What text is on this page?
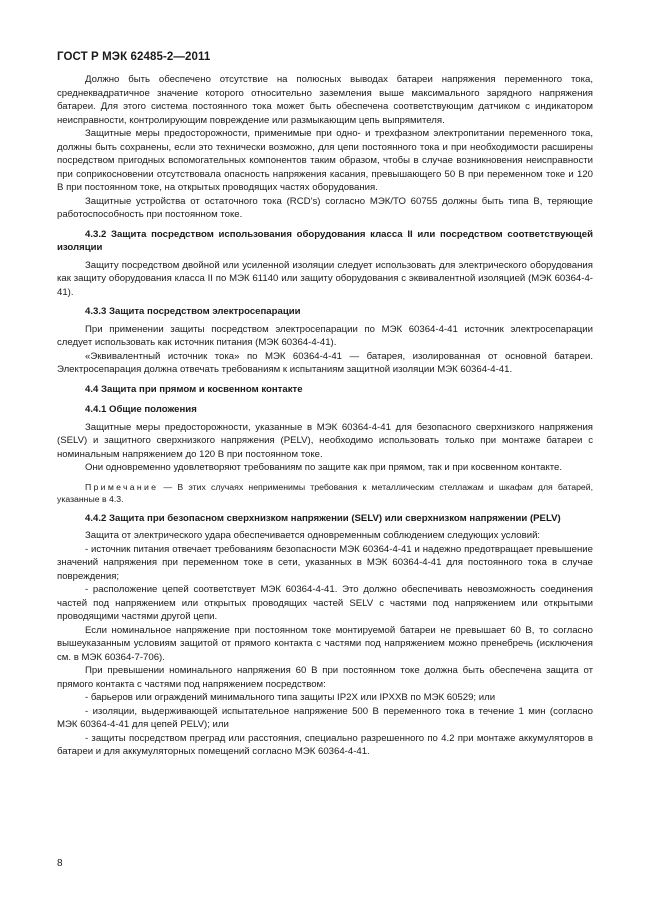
ГОСТ Р МЭК 62485-2—2011

Должно быть обеспечено отсутствие на полюсных выводах батареи напряжения переменного тока, среднеквадратичное значение которого относительно заземления выше максимального зарядного напряжения батареи. Для этого система постоянного тока может быть обеспечена соответствующим датчиком с индикатором неисправности, контролирующим повреждение или размыкающим цепь выпрямителя.

Защитные меры предосторожности, применимые при одно- и трехфазном электропитании переменного тока, должны быть сохранены, если это технически возможно, для цепи постоянного тока и при необходимости расширены посредством пригодных вспомогательных компонентов таким образом, чтобы в случае возникновения неисправности при соприкосновении отсутствовала опасность напряжения касания, превышающего 50 В при переменном токе и 120 В при постоянном токе, на открытых проводящих частях оборудования.

Защитные устройства от остаточного тока (RCD’s) согласно МЭК/ТО 60755 должны быть типа В, теряющие работоспособность при постоянном токе.

4.3.2 Защита посредством использования оборудования класса II или посредством соответствующей изоляции

Защиту посредством двойной или усиленной изоляции следует использовать для электрического оборудования как защиту оборудования класса II по МЭК 61140 или защиту оборудования с эквивалентной изоляцией (МЭК 60364-4-41).

4.3.3 Защита посредством электросепарации

При применении защиты посредством электросепарации по МЭК 60364-4-41 источник электросепарации следует использовать как источник питания (МЭК 60364-4-41).

«Эквивалентный источник тока» по МЭК 60364-4-41 — батарея, изолированная от основной батареи. Электросепарация должна отвечать требованиям к испытаниям защитной изоляции МЭК 60364-4-41.

4.4 Защита при прямом и косвенном контакте
4.4.1 Общие положения

Защитные меры предосторожности, указанные в МЭК 60364-4-41 для безопасного сверхнизкого напряжения (SELV) и защитного сверхнизкого напряжения (PELV), необходимо использовать только при монтаже батареи с номинальным напряжением до 120 В при постоянном токе.

Они одновременно удовлетворяют требованиям по защите как при прямом, так и при косвенном контакте.

Примечание — В этих случаях неприменимы требования к металлическим стеллажам и шкафам для батарей, указанные в 4.3.

4.4.2 Защита при безопасном сверхнизком напряжении (SELV) или сверхнизком напряжении (PELV)

Защита от электрического удара обеспечивается одновременным соблюдением следующих условий:

- источник питания отвечает требованиям безопасности МЭК 60364-4-41 и надежно предотвращает превышение значений напряжения при переменном токе в сети, указанных в МЭК 60364-4-41 для постоянного тока в случае повреждения;

- расположение цепей соответствует МЭК 60364-4-41. Это должно обеспечивать невозможность соединения частей под напряжением или открытых проводящих частей SELV с частями под напряжением или открытыми проводящими частями другой цепи.

Если номинальное напряжение при постоянном токе монтируемой батареи не превышает 60 В, то согласно вышеуказанным условиям защитой от прямого контакта с частями под напряжением можно пренебречь (исключения см. в МЭК 60364-7-706).

При превышении номинального напряжения 60 В при постоянном токе должна быть обеспечена защита от прямого контакта с частями под напряжением посредством:

- барьеров или ограждений минимального типа защиты IP2X или IPXXB по МЭК 60529; или

- изоляции, выдерживающей испытательное напряжение 500 В переменного тока в течение 1 мин (согласно МЭК 60364-4-41 для цепей PELV); или

- защиты посредством преград или расстояния, специально разрешенного по 4.2 при монтаже аккумуляторов в батареи и для аккумуляторных помещений согласно МЭК 60364-4-41.

8
